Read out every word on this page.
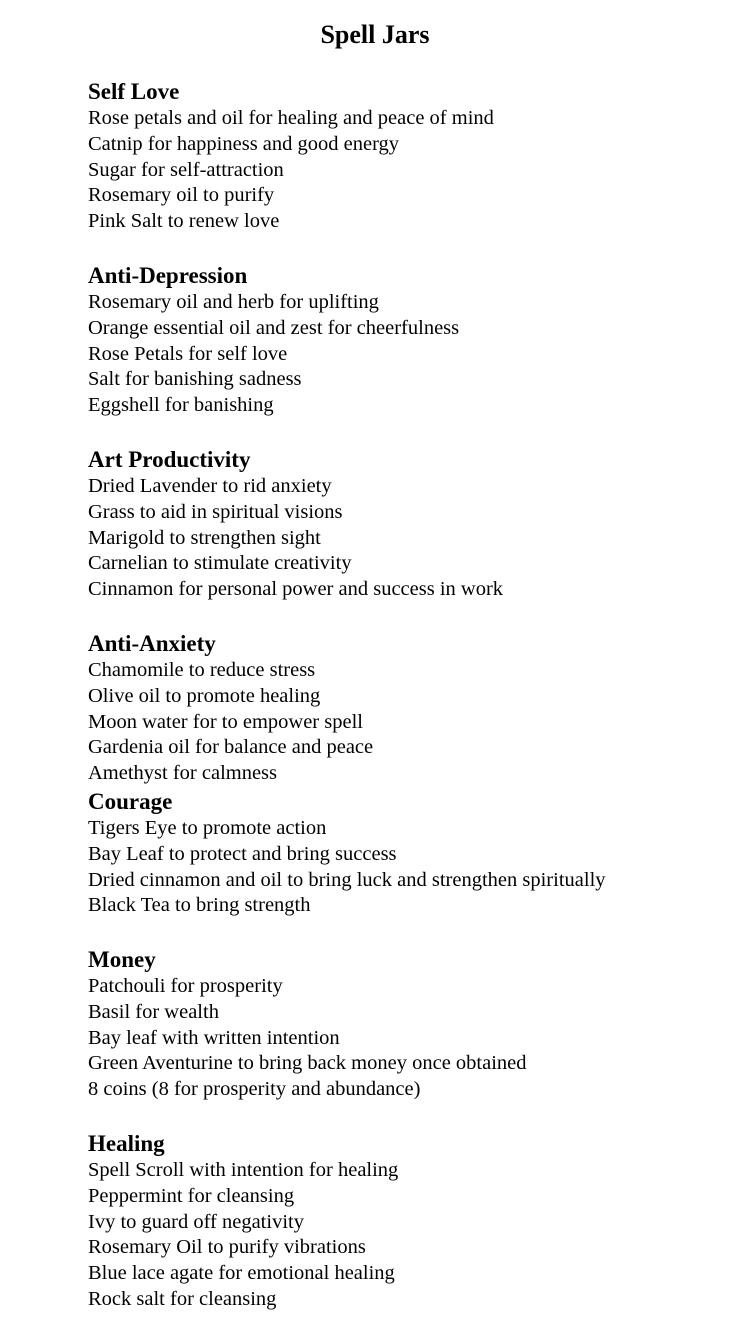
Spell Jars
Self Love
Rose petals and oil for healing and peace of mind
Catnip for happiness and good energy
Sugar for self-attraction
Rosemary oil to purify
Pink Salt to renew love
Anti-Depression
Rosemary oil and herb for uplifting
Orange essential oil and zest for cheerfulness
Rose Petals for self love
Salt for banishing sadness
Eggshell for banishing
Art Productivity
Dried Lavender to rid anxiety
Grass to aid in spiritual visions
Marigold to strengthen sight
Carnelian to stimulate creativity
Cinnamon for personal power and success in work
Anti-Anxiety
Chamomile to reduce stress
Olive oil to promote healing
Moon water for to empower spell
Gardenia oil for balance and peace
Amethyst for calmness
Courage
Tigers Eye to promote action
Bay Leaf to protect and bring success
Dried cinnamon and oil to bring luck and strengthen spiritually
Black Tea to bring strength
Money
Patchouli for prosperity
Basil for wealth
Bay leaf with written intention
Green Aventurine to bring back money once obtained
8 coins (8 for prosperity and abundance)
Healing
Spell Scroll with intention for healing
Peppermint for cleansing
Ivy to guard off negativity
Rosemary Oil to purify vibrations
Blue lace agate for emotional healing
Rock salt for cleansing
